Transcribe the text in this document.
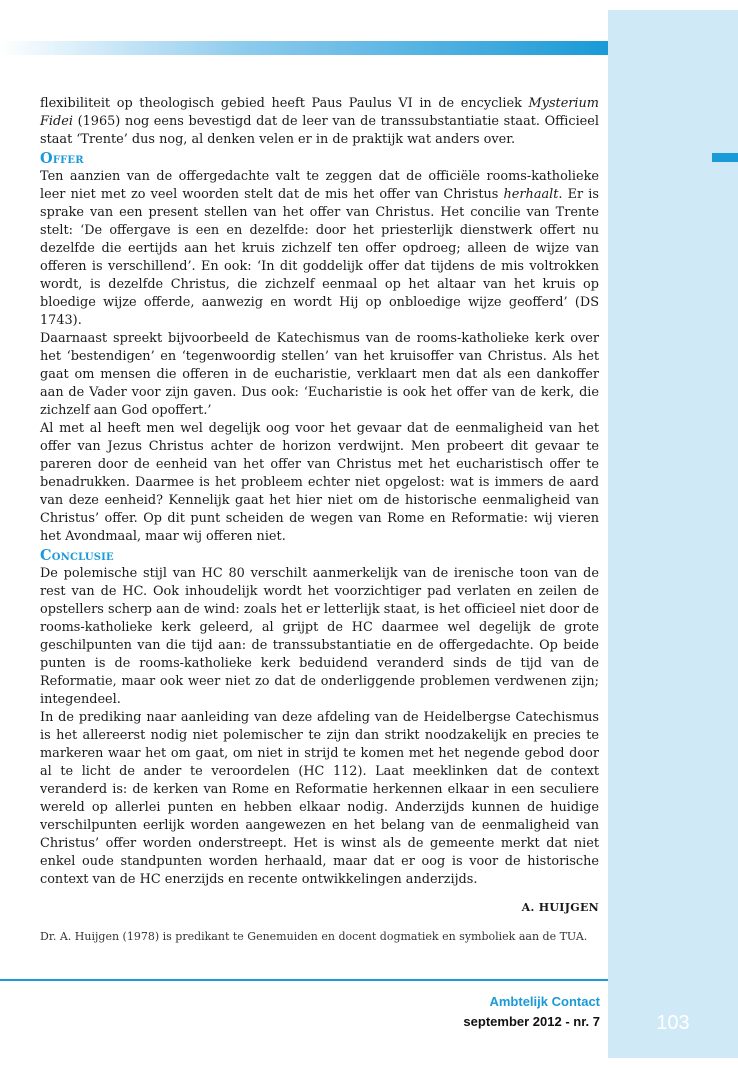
flexibiliteit op theologisch gebied heeft Paus Paulus VI in de encycliek Mysterium Fidei (1965) nog eens bevestigd dat de leer van de transsubstantiatie staat. Officieel staat ‘Trente’ dus nog, al denken velen er in de praktijk wat anders over.

Offer

Ten aanzien van de offergedachte valt te zeggen dat de officiële rooms-katholieke leer niet met zo veel woorden stelt dat de mis het offer van Christus herhaalt. Er is sprake van een present stellen van het offer van Christus. Het concilie van Trente stelt: ‘De offergave is een en dezelfde: door het priesterlijk dienstwerk offert nu dezelfde die eertijds aan het kruis zichzelf ten offer opdroeg; alleen de wijze van offeren is verschillend’. En ook: ‘In dit goddelijk offer dat tijdens de mis voltrokken wordt, is dezelfde Christus, die zichzelf eenmaal op het altaar van het kruis op bloedige wijze offerde, aanwezig en wordt Hij op onbloedige wijze geofferd’ (DS 1743).

Daarnaast spreekt bijvoorbeeld de Katechismus van de rooms-katholieke kerk over het ‘bestendigen’ en ‘tegenwoordig stellen’ van het kruisoffer van Christus. Als het gaat om mensen die offeren in de eucharistie, verklaart men dat als een dankoffer aan de Vader voor zijn gaven. Dus ook: ‘Eucharistie is ook het offer van de kerk, die zichzelf aan God opoffert.’

Al met al heeft men wel degelijk oog voor het gevaar dat de eenmaligheid van het offer van Jezus Christus achter de horizon verdwijnt. Men probeert dit gevaar te pareren door de eenheid van het offer van Christus met het eucharistisch offer te benadrukken. Daarmee is het probleem echter niet opgelost: wat is immers de aard van deze eenheid? Kennelijk gaat het hier niet om de historische eenmaligheid van Christus’ offer. Op dit punt scheiden de wegen van Rome en Reformatie: wij vieren het Avondmaal, maar wij offeren niet.

Conclusie

De polemische stijl van HC 80 verschilt aanmerkelijk van de irenische toon van de rest van de HC. Ook inhoudelijk wordt het voorzichtiger pad verlaten en zeilen de opstellers scherp aan de wind: zoals het er letterlijk staat, is het officieel niet door de rooms-katholieke kerk geleerd, al grijpt de HC daarmee wel degelijk de grote geschilpunten van die tijd aan: de transsubstantiatie en de offergedachte. Op beide punten is de rooms-katholieke kerk beduidend veranderd sinds de tijd van de Reformatie, maar ook weer niet zo dat de onderliggende problemen verdwenen zijn; integendeel.

In de prediking naar aanleiding van deze afdeling van de Heidelbergse Catechismus is het allereerst nodig niet polemischer te zijn dan strikt noodzakelijk en precies te markeren waar het om gaat, om niet in strijd te komen met het negende gebod door al te licht de ander te veroordelen (HC 112). Laat meeklinken dat de context veranderd is: de kerken van Rome en Reformatie herkennen elkaar in een seculiere wereld op allerlei punten en hebben elkaar nodig. Anderzijds kunnen de huidige verschilpunten eerlijk worden aangewezen en het belang van de eenmaligheid van Christus’ offer worden onderstreept. Het is winst als de gemeente merkt dat niet enkel oude standpunten worden herhaald, maar dat er oog is voor de historische context van de HC enerzijds en recente ontwikkelingen anderzijds.

A. HUIJGEN
Dr. A. Huijgen (1978) is predikant te Genemuiden en docent dogmatiek en symboliek aan de TUA.
Ambtelijk Contact
september 2012 - nr. 7	103
